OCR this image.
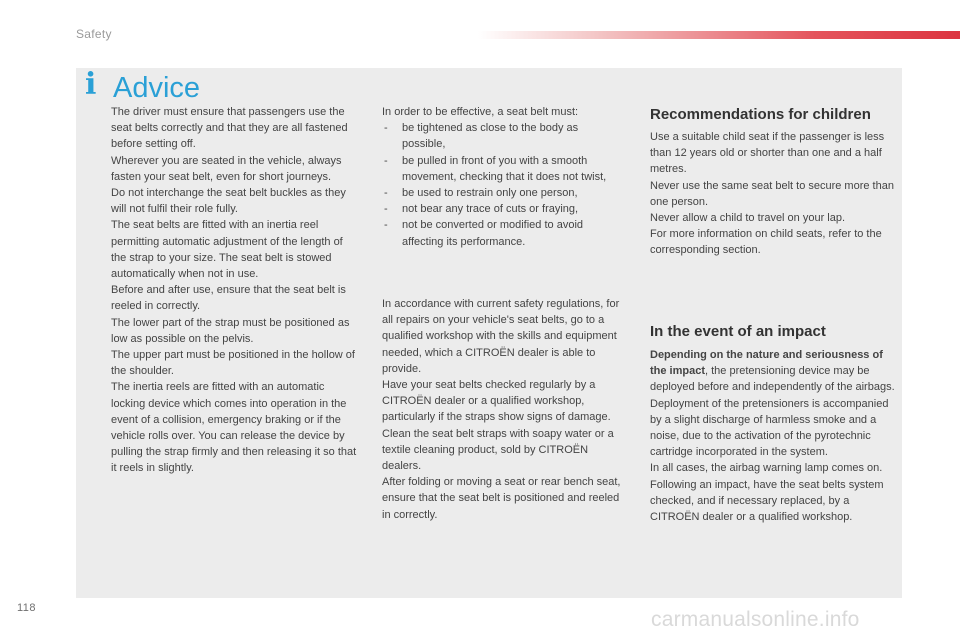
Safety
i Advice

The driver must ensure that passengers use the seat belts correctly and that they are all fastened before setting off.

Wherever you are seated in the vehicle, always fasten your seat belt, even for short journeys.

Do not interchange the seat belt buckles as they will not fulfil their role fully.

The seat belts are fitted with an inertia reel permitting automatic adjustment of the length of the strap to your size. The seat belt is stowed automatically when not in use.

Before and after use, ensure that the seat belt is reeled in correctly.

The lower part of the strap must be positioned as low as possible on the pelvis.

The upper part must be positioned in the hollow of the shoulder.

The inertia reels are fitted with an automatic locking device which comes into operation in the event of a collision, emergency braking or if the vehicle rolls over. You can release the device by pulling the strap firmly and then releasing it so that it reels in slightly.

In order to be effective, a seat belt must:

- be tightened as close to the body as possible,
- be pulled in front of you with a smooth movement, checking that it does not twist,
- be used to restrain only one person,
- not bear any trace of cuts or fraying,
- not be converted or modified to avoid affecting its performance.

In accordance with current safety regulations, for all repairs on your vehicle's seat belts, go to a qualified workshop with the skills and equipment needed, which a CITROËN dealer is able to provide.

Have your seat belts checked regularly by a CITROËN dealer or a qualified workshop, particularly if the straps show signs of damage.

Clean the seat belt straps with soapy water or a textile cleaning product, sold by CITROËN dealers.

After folding or moving a seat or rear bench seat, ensure that the seat belt is positioned and reeled in correctly.

Recommendations for children

Use a suitable child seat if the passenger is less than 12 years old or shorter than one and a half metres.

Never use the same seat belt to secure more than one person.

Never allow a child to travel on your lap.

For more information on child seats, refer to the corresponding section.

In the event of an impact

Depending on the nature and seriousness of the impact, the pretensioning device may be deployed before and independently of the airbags. Deployment of the pretensioners is accompanied by a slight discharge of harmless smoke and a noise, due to the activation of the pyrotechnic cartridge incorporated in the system.

In all cases, the airbag warning lamp comes on.

Following an impact, have the seat belts system checked, and if necessary replaced, by a CITROËN dealer or a qualified workshop.

118	carmanualsonline.info
